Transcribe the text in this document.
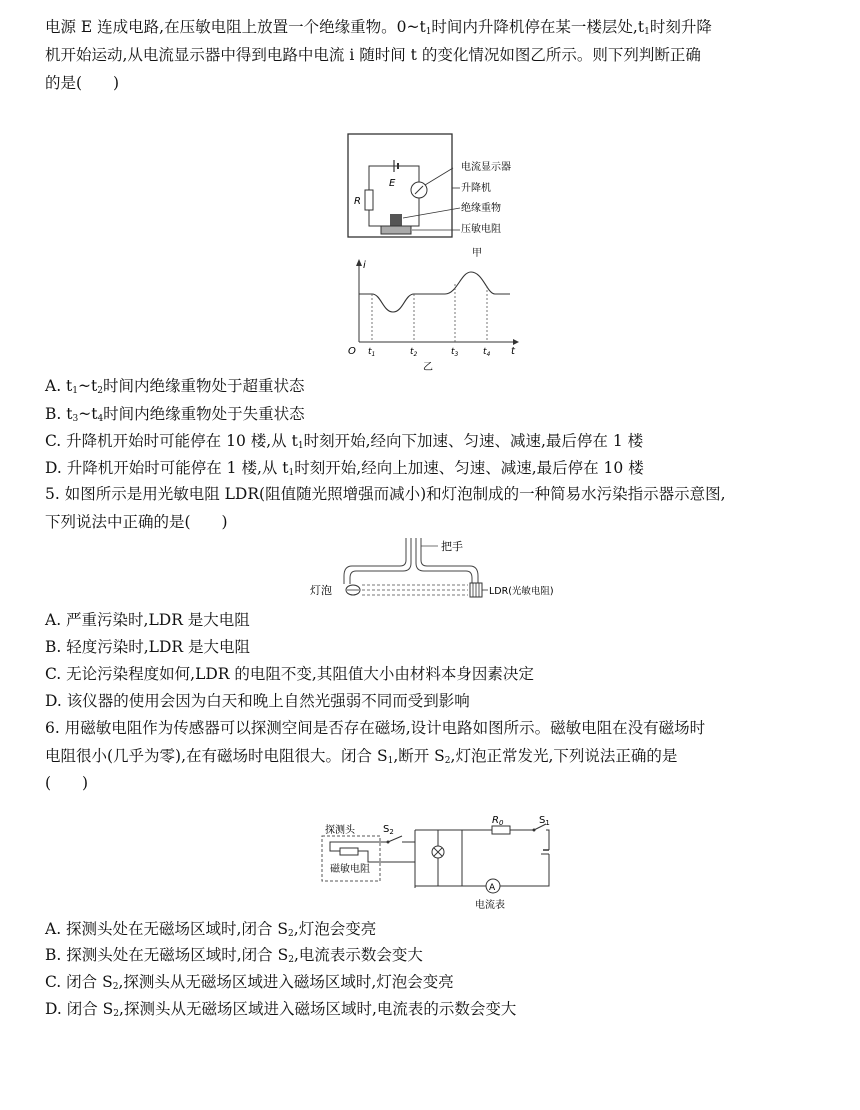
电源 E 连成电路,在压敏电阻上放置一个绝缘重物。$0\sim t_1$时间内升降机停在某一楼层处$,t_1$时刻升降
机开始运动,从电流显示器中得到电路中电流 i 随时间 t 的变化情况如图乙所示。则下列判断正确
的是(　　)
E
R
电流显示器
升降机
绝缘重物
压敏电阻
甲
i
t
O $t_1$	$t_2$	$t_3$	$t_4$
乙
A. $t_1\sim t_2$时间内绝缘重物处于超重状态
B. $t_3\sim t_4$时间内绝缘重物处于失重状态
C. 升降机开始时可能停在 10 楼,从 $t_1$时刻开始,经向下加速、匀速、减速,最后停在 1 楼
D. 升降机开始时可能停在 1 楼,从 $t_1$时刻开始,经向上加速、匀速、减速,最后停在 10 楼
5. 如图所示是用光敏电阻 LDR(阻值随光照增强而减小)和灯泡制成的一种简易水污染指示器示意图,
下列说法中正确的是(　　)
把手
灯泡	LDR(光敏电阻)
A. 严重污染时,LDR 是大电阻
B. 轻度污染时,LDR 是大电阻
C. 无论污染程度如何,LDR 的电阻不变,其阻值大小由材料本身因素决定
D. 该仪器的使用会因为白天和晚上自然光强弱不同而受到影响
6. 用磁敏电阻作为传感器可以探测空间是否存在磁场,设计电路如图所示。磁敏电阻在没有磁场时
电阻很小(几乎为零),在有磁场时电阻很大。闭合 $S_1$,断开 $S_2$,灯泡正常发光,下列说法正确的是
(　　)
探测头
磁敏电阻
$S_2$
$R_0$	$S_1$
A
电流表
A. 探测头处在无磁场区域时,闭合 $S_2$,灯泡会变亮
B. 探测头处在无磁场区域时,闭合 $S_2$,电流表示数会变大
C. 闭合 $S_2$,探测头从无磁场区域进入磁场区域时,灯泡会变亮
D. 闭合 $S_2$,探测头从无磁场区域进入磁场区域时,电流表的示数会变大
